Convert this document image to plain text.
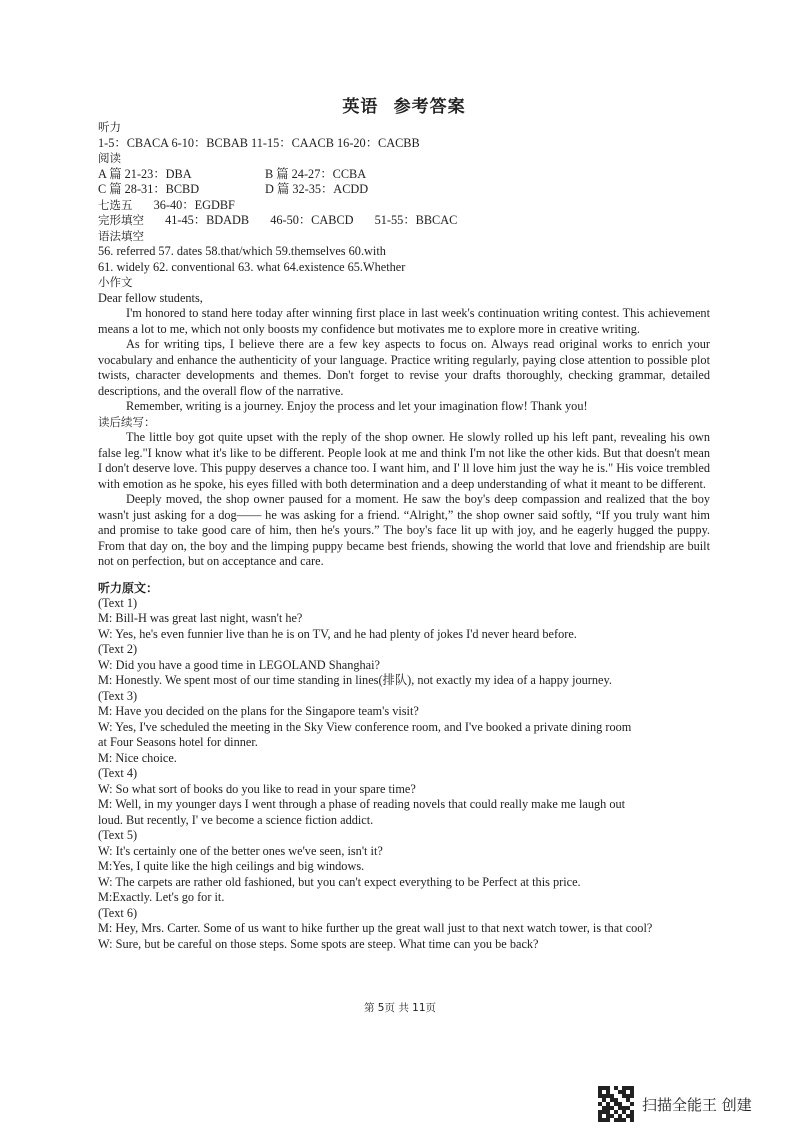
英语 参考答案
听力
1-5：CBACA 6-10：BCBAB 11-15：CAACB 16-20：CACBB
阅读
A 篇 21-23：DBA	B 篇 24-27：CCBA
C 篇 28-31：BCBD	D 篇 32-35：ACDD
七选五 36-40：EGDBF
完形填空 41-45：BDADB 46-50：CABCD 51-55：BBCAC
语法填空
56. referred 57. dates 58.that/which 59.themselves 60.with
61. widely 62. conventional 63. what 64.existence 65.Whether
小作文
Dear fellow students,

I'm honored to stand here today after winning first place in last week's continuation writing contest. This achievement means a lot to me, which not only boosts my confidence but motivates me to explore more in creative writing.

As for writing tips, I believe there are a few key aspects to focus on. Always read original works to enrich your vocabulary and enhance the authenticity of your language. Practice writing regularly, paying close attention to possible plot twists, character developments and themes. Don't forget to revise your drafts thoroughly, checking grammar, detailed descriptions, and the overall flow of the narrative.

Remember, writing is a journey. Enjoy the process and let your imagination flow! Thank you!

读后续写：

The little boy got quite upset with the reply of the shop owner. He slowly rolled up his left pant, revealing his own false leg."I know what it's like to be different. People look at me and think I'm not like the other kids. But that doesn't mean I don't deserve love. This puppy deserves a chance too. I want him, and I' ll love him just the way he is." His voice trembled with emotion as he spoke, his eyes filled with both determination and a deep understanding of what it meant to be different.

Deeply moved, the shop owner paused for a moment. He saw the boy's deep compassion and realized that the boy wasn't just asking for a dog—— he was asking for a friend. “Alright,” the shop owner said softly, “If you truly want him and promise to take good care of him, then he's yours.” The boy's face lit up with joy, and he eagerly hugged the puppy. From that day on, the boy and the limping puppy became best friends, showing the world that love and friendship are built not on perfection, but on acceptance and care.

听力原文：
(Text 1)
M: Bill-H was great last night, wasn't he?
W: Yes, he's even funnier live than he is on TV, and he had plenty of jokes I'd never heard before.
(Text 2)
W: Did you have a good time in LEGOLAND Shanghai?
M: Honestly. We spent most of our time standing in lines(排队), not exactly my idea of a happy journey.
(Text 3)
M: Have you decided on the plans for the Singapore team's visit?
W: Yes, I've scheduled the meeting in the Sky View conference room, and I've booked a private dining room
at Four Seasons hotel for dinner.
M: Nice choice.
(Text 4)
W: So what sort of books do you like to read in your spare time?
M: Well, in my younger days I went through a phase of reading novels that could really make me laugh out
loud. But recently, I' ve become a science fiction addict.
(Text 5)
W: It's certainly one of the better ones we've seen, isn't it?
M:Yes, I quite like the high ceilings and big windows.
W: The carpets are rather old fashioned, but you can't expect everything to be Perfect at this price.
M:Exactly. Let's go for it.
(Text 6)
M: Hey, Mrs. Carter. Some of us want to hike further up the great wall just to that next watch tower, is that cool?
W: Sure, but be careful on those steps. Some spots are steep. What time can you be back?
第 5页 共 11页
扫描全能王 创建
